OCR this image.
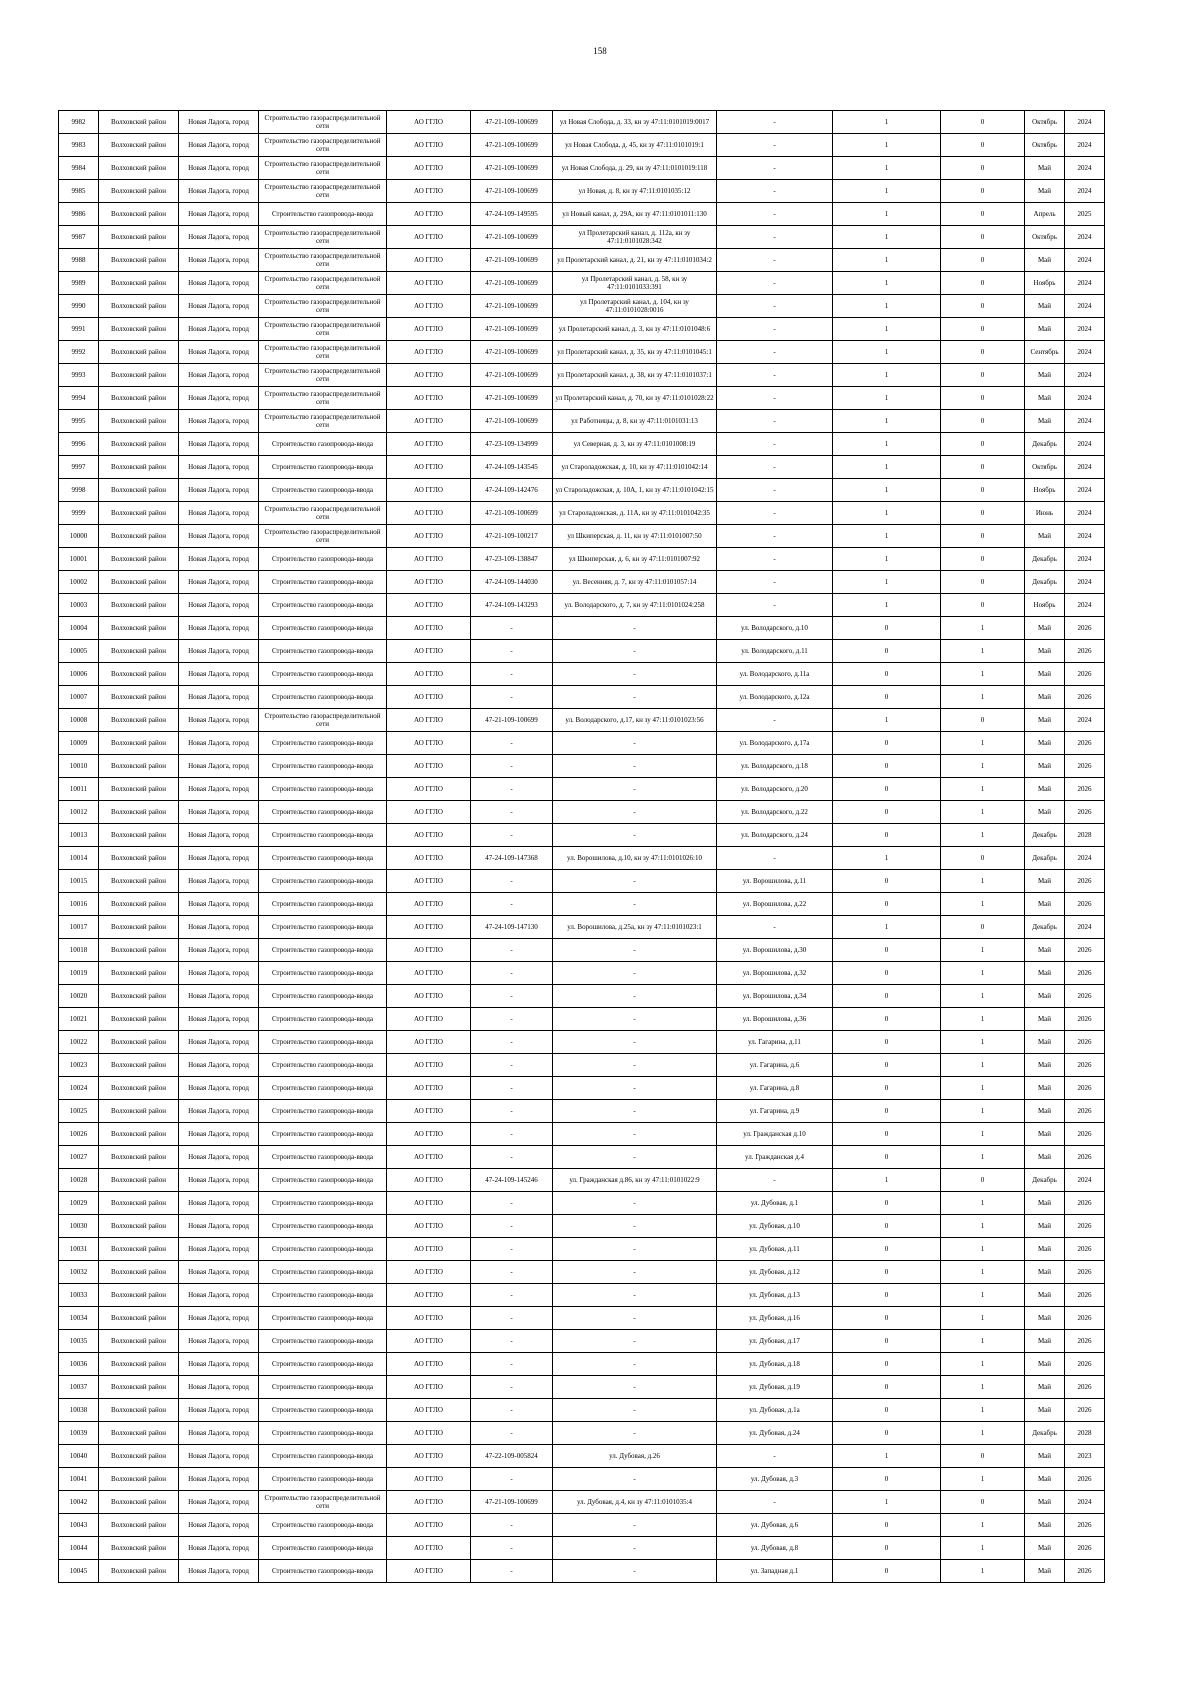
158
9982	Волховский район	Новая Ладога, город	Строительство газораспределительной сети	АО ГГЛО	47-21-109-100699	ул Новая Слобода, д. 33, кн зу 47:11:0101019:0017	-	1	0	Октябрь	2024
9983	Волховский район	Новая Ладога, город	Строительство газораспределительной сети	АО ГГЛО	47-21-109-100699	ул Новая Слобода, д. 45, кн зу 47:11:0101019:1	-	1	0	Октябрь	2024
9984	Волховский район	Новая Ладога, город	Строительство газораспределительной сети	АО ГГЛО	47-21-109-100699	ул Новая Слобода, д. 29, кн зу 47:11:0101019:118	-	1	0	Май	2024
9985	Волховский район	Новая Ладога, город	Строительство газораспределительной сети	АО ГГЛО	47-21-109-100699	ул Новая, д. 8, кн зу 47:11:0101035:12	-	1	0	Май	2024
9986	Волховский район	Новая Ладога, город	Строительство газопровода-ввода	АО ГГЛО	47-24-109-149595	ул Новый канал, д. 29А, кн зу 47:11:0101011:130	-	1	0	Апрель	2025
9987	Волховский район	Новая Ладога, город	Строительство газораспределительной сети	АО ГГЛО	47-21-109-100699	ул Пролетарский канал, д. 112а, кн зу 47:11:0101028:342	-	1	0	Октябрь	2024
9988	Волховский район	Новая Ладога, город	Строительство газораспределительной сети	АО ГГЛО	47-21-109-100699	ул Пролетарский канал, д. 21, кн зу 47:11:0101034:2	-	1	0	Май	2024
9989	Волховский район	Новая Ладога, город	Строительство газораспределительной сети	АО ГГЛО	47-21-109-100699	ул Пролетарский канал, д. 58, кн зу 47:11:0101033:391	-	1	0	Ноябрь	2024
9990	Волховский район	Новая Ладога, город	Строительство газораспределительной сети	АО ГГЛО	47-21-109-100699	ул Пролетарский канал, д. 104, кн зу 47:11:0101028:0016	-	1	0	Май	2024
9991	Волховский район	Новая Ладога, город	Строительство газораспределительной сети	АО ГГЛО	47-21-109-100699	ул Пролетарский канал, д. 3, кн зу 47:11:0101048:6	-	1	0	Май	2024
9992	Волховский район	Новая Ладога, город	Строительство газораспределительной сети	АО ГГЛО	47-21-109-100699	ул Пролетарский канал, д. 35, кн зу 47:11:0101045:1	-	1	0	Сентябрь	2024
9993	Волховский район	Новая Ладога, город	Строительство газораспределительной сети	АО ГГЛО	47-21-109-100699	ул Пролетарский канал, д. 38, кн зу 47:11:0101037:1	-	1	0	Май	2024
9994	Волховский район	Новая Ладога, город	Строительство газораспределительной сети	АО ГГЛО	47-21-109-100699	ул Пролетарский канал, д. 70, кн зу 47:11:0101028:22	-	1	0	Май	2024
9995	Волховский район	Новая Ладога, город	Строительство газораспределительной сети	АО ГГЛО	47-21-109-100699	ул Работницы, д. 8, кн зу 47:11:0101031:13	-	1	0	Май	2024
9996	Волховский район	Новая Ладога, город	Строительство газопровода-ввода	АО ГГЛО	47-23-109-134999	ул Северная, д. 3, кн зу 47:11:0101008:19	-	1	0	Декабрь	2024
9997	Волховский район	Новая Ладога, город	Строительство газопровода-ввода	АО ГГЛО	47-24-109-143545	ул Староладожская, д. 10, кн зу 47:11:0101042:14	-	1	0	Октябрь	2024
9998	Волховский район	Новая Ладога, город	Строительство газопровода-ввода	АО ГГЛО	47-24-109-142476	ул Староладожская, д. 10А, 1, кн зу 47:11:0101042:15	-	1	0	Ноябрь	2024
9999	Волховский район	Новая Ладога, город	Строительство газораспределительной сети	АО ГГЛО	47-21-109-100699	ул Староладожская, д. 11А, кн зу 47:11:0101042:35	-	1	0	Июнь	2024
10000	Волховский район	Новая Ладога, город	Строительство газораспределительной сети	АО ГГЛО	47-21-109-100217	ул Шкиперская, д. 11, кн зу 47:11:0101007:50	-	1	0	Май	2024
10001	Волховский район	Новая Ладога, город	Строительство газопровода-ввода	АО ГГЛО	47-23-109-138847	ул Шкиперская, д. 6, кн зу 47:11:0101007:92	-	1	0	Декабрь	2024
10002	Волховский район	Новая Ладога, город	Строительство газопровода-ввода	АО ГГЛО	47-24-109-144030	ул. Весенняя, д. 7, кн зу 47:11:0101057:14	-	1	0	Декабрь	2024
10003	Волховский район	Новая Ладога, город	Строительство газопровода-ввода	АО ГГЛО	47-24-109-143293	ул. Володарского, д. 7, кн зу 47:11:0101024:258	-	1	0	Ноябрь	2024
10004	Волховский район	Новая Ладога, город	Строительство газопровода-ввода	АО ГГЛО	-	-	ул. Володарского, д.10	0	1	Май	2026
10005	Волховский район	Новая Ладога, город	Строительство газопровода-ввода	АО ГГЛО	-	-	ул. Володарского, д.11	0	1	Май	2026
10006	Волховский район	Новая Ладога, город	Строительство газопровода-ввода	АО ГГЛО	-	-	ул. Володарского, д.11а	0	1	Май	2026
10007	Волховский район	Новая Ладога, город	Строительство газопровода-ввода	АО ГГЛО	-	-	ул. Володарского, д.12а	0	1	Май	2026
10008	Волховский район	Новая Ладога, город	Строительство газораспределительной сети	АО ГГЛО	47-21-109-100699	ул. Володарского, д.17, кн зу 47:11:0101023:56	-	1	0	Май	2024
10009	Волховский район	Новая Ладога, город	Строительство газопровода-ввода	АО ГГЛО	-	-	ул. Володарского, д.17а	0	1	Май	2026
10010	Волховский район	Новая Ладога, город	Строительство газопровода-ввода	АО ГГЛО	-	-	ул. Володарского, д.18	0	1	Май	2026
10011	Волховский район	Новая Ладога, город	Строительство газопровода-ввода	АО ГГЛО	-	-	ул. Володарского, д.20	0	1	Май	2026
10012	Волховский район	Новая Ладога, город	Строительство газопровода-ввода	АО ГГЛО	-	-	ул. Володарского, д.22	0	1	Май	2026
10013	Волховский район	Новая Ладога, город	Строительство газопровода-ввода	АО ГГЛО	-	-	ул. Володарского, д.24	0	1	Декабрь	2028
10014	Волховский район	Новая Ладога, город	Строительство газопровода-ввода	АО ГГЛО	47-24-109-147368	ул. Ворошилова, д.10, кн зу 47:11:0101026:10	-	1	0	Декабрь	2024
10015	Волховский район	Новая Ладога, город	Строительство газопровода-ввода	АО ГГЛО	-	-	ул. Ворошилова, д.11	0	1	Май	2026
10016	Волховский район	Новая Ладога, город	Строительство газопровода-ввода	АО ГГЛО	-	-	ул. Ворошилова, д.22	0	1	Май	2026
10017	Волховский район	Новая Ладога, город	Строительство газопровода-ввода	АО ГГЛО	47-24-109-147130	ул. Ворошилова, д.25а, кн зу 47:11:0101023:1	-	1	0	Декабрь	2024
10018	Волховский район	Новая Ладога, город	Строительство газопровода-ввода	АО ГГЛО	-	-	ул. Ворошилова, д.30	0	1	Май	2026
10019	Волховский район	Новая Ладога, город	Строительство газопровода-ввода	АО ГГЛО	-	-	ул. Ворошилова, д.32	0	1	Май	2026
10020	Волховский район	Новая Ладога, город	Строительство газопровода-ввода	АО ГГЛО	-	-	ул. Ворошилова, д.34	0	1	Май	2026
10021	Волховский район	Новая Ладога, город	Строительство газопровода-ввода	АО ГГЛО	-	-	ул. Ворошилова, д.36	0	1	Май	2026
10022	Волховский район	Новая Ладога, город	Строительство газопровода-ввода	АО ГГЛО	-	-	ул. Гагарина, д.11	0	1	Май	2026
10023	Волховский район	Новая Ладога, город	Строительство газопровода-ввода	АО ГГЛО	-	-	ул. Гагарина, д.6	0	1	Май	2026
10024	Волховский район	Новая Ладога, город	Строительство газопровода-ввода	АО ГГЛО	-	-	ул. Гагарина, д.8	0	1	Май	2026
10025	Волховский район	Новая Ладога, город	Строительство газопровода-ввода	АО ГГЛО	-	-	ул. Гагарина, д.9	0	1	Май	2026
10026	Волховский район	Новая Ладога, город	Строительство газопровода-ввода	АО ГГЛО	-	-	ул. Гражданская д.10	0	1	Май	2026
10027	Волховский район	Новая Ладога, город	Строительство газопровода-ввода	АО ГГЛО	-	-	ул. Гражданская д.4	0	1	Май	2026
10028	Волховский район	Новая Ладога, город	Строительство газопровода-ввода	АО ГГЛО	47-24-109-145246	ул. Гражданская д.86, кн зу 47:11:0101022:9	-	1	0	Декабрь	2024
10029	Волховский район	Новая Ладога, город	Строительство газопровода-ввода	АО ГГЛО	-	-	ул. Дубовая, д.1	0	1	Май	2026
10030	Волховский район	Новая Ладога, город	Строительство газопровода-ввода	АО ГГЛО	-	-	ул. Дубовая, д.10	0	1	Май	2026
10031	Волховский район	Новая Ладога, город	Строительство газопровода-ввода	АО ГГЛО	-	-	ул. Дубовая, д.11	0	1	Май	2026
10032	Волховский район	Новая Ладога, город	Строительство газопровода-ввода	АО ГГЛО	-	-	ул. Дубовая, д.12	0	1	Май	2026
10033	Волховский район	Новая Ладога, город	Строительство газопровода-ввода	АО ГГЛО	-	-	ул. Дубовая, д.13	0	1	Май	2026
10034	Волховский район	Новая Ладога, город	Строительство газопровода-ввода	АО ГГЛО	-	-	ул. Дубовая, д.16	0	1	Май	2026
10035	Волховский район	Новая Ладога, город	Строительство газопровода-ввода	АО ГГЛО	-	-	ул. Дубовая, д.17	0	1	Май	2026
10036	Волховский район	Новая Ладога, город	Строительство газопровода-ввода	АО ГГЛО	-	-	ул. Дубовая, д.18	0	1	Май	2026
10037	Волховский район	Новая Ладога, город	Строительство газопровода-ввода	АО ГГЛО	-	-	ул. Дубовая, д.19	0	1	Май	2026
10038	Волховский район	Новая Ладога, город	Строительство газопровода-ввода	АО ГГЛО	-	-	ул. Дубовая, д.1а	0	1	Май	2026
10039	Волховский район	Новая Ладога, город	Строительство газопровода-ввода	АО ГГЛО	-	-	ул. Дубовая, д.24	0	1	Декабрь	2028
10040	Волховский район	Новая Ладога, город	Строительство газопровода-ввода	АО ГГЛО	47-22-109-005824	ул. Дубовая, д.26	-	1	0	Май	2023
10041	Волховский район	Новая Ладога, город	Строительство газопровода-ввода	АО ГГЛО	-	-	ул. Дубовая, д.3	0	1	Май	2026
10042	Волховский район	Новая Ладога, город	Строительство газораспределительной сети	АО ГГЛО	47-21-109-100699	ул. Дубовая, д.4, кн зу 47:11:0101035:4	-	1	0	Май	2024
10043	Волховский район	Новая Ладога, город	Строительство газопровода-ввода	АО ГГЛО	-	-	ул. Дубовая, д.6	0	1	Май	2026
10044	Волховский район	Новая Ладога, город	Строительство газопровода-ввода	АО ГГЛО	-	-	ул. Дубовая, д.8	0	1	Май	2026
10045	Волховский район	Новая Ладога, город	Строительство газопровода-ввода	АО ГГЛО	-	-	ул. Западная д.1	0	1	Май	2026
